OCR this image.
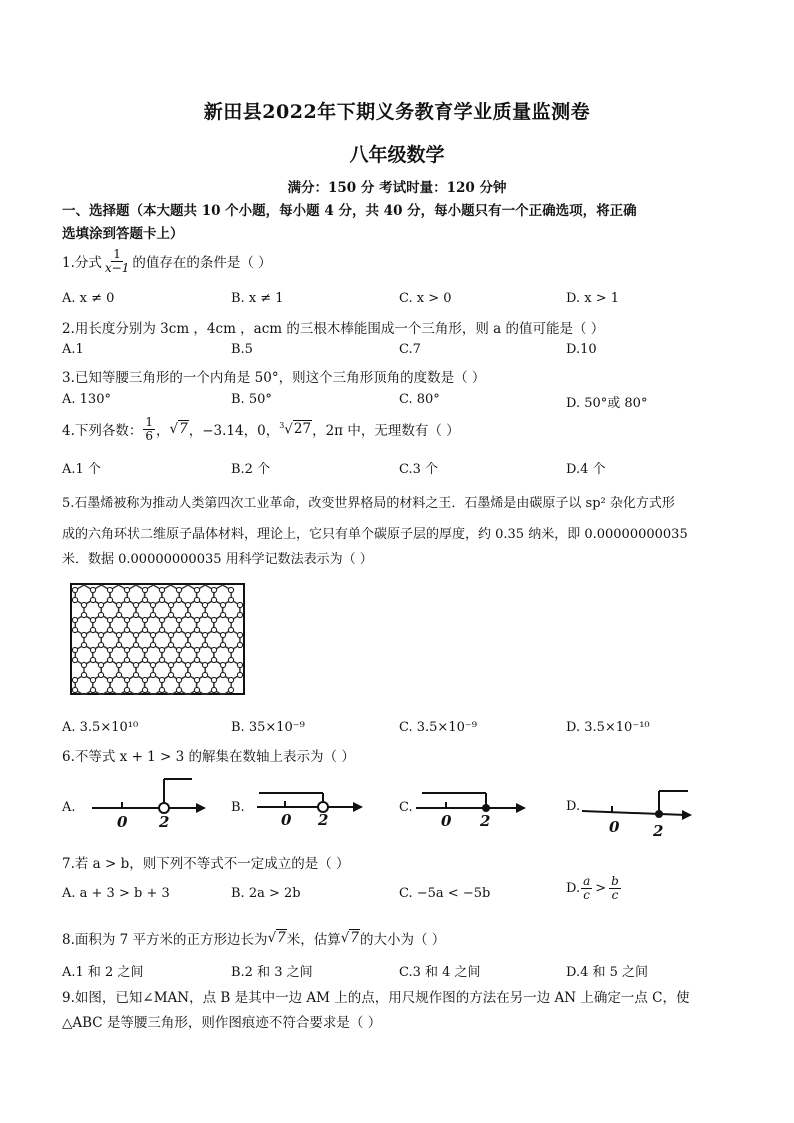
新田县2022年下期义务教育学业质量监测卷
八年级数学
满分：150 分 考试时量：120 分钟
一、选择题（本大题共 10 个小题，每小题 4 分，共 40 分，每小题只有一个正确选项，将正确
选填涂到答题卡上）
1.分式 $\frac{1}{x-1}$ 的值存在的条件是（ ）
A. x ≠ 0	B. x ≠ 1	C. x > 0	D. x > 1
2.用长度分别为 3cm ，4cm ，acm 的三根木棒能围成一个三角形，则 a 的值可能是（ ）
A.1	B.5	C.7	D.10
3.已知等腰三角形的一个内角是 50°，则这个三角形顶角的度数是（ ）
A. 130°	B. 50°	C. 80°	D. 50°或 80°
4.下列各数： $\frac{1}{6}$ ， √7 ，−3.14，0， $^3$√27 ，2π 中，无理数有（ ）
A.1 个	B.2 个	C.3 个	D.4 个
5.石墨烯被称为推动人类第四次工业革命，改变世界格局的材料之王．石墨烯是由碳原子以 sp² 杂化方式形
成的六角环状二维原子晶体材料，理论上，它只有单个碳原子层的厚度，约 0.35 纳米，即 0.00000000035
米．数据 0.00000000035 用科学记数法表示为（ ）
A. 3.5×10¹⁰	B. 35×10⁻⁹	C. 3.5×10⁻⁹	D. 3.5×10⁻¹⁰
6.不等式 x + 1 > 3 的解集在数轴上表示为（ ）
A.
0 2
B.
0 2
C.
0 2
D.
0 2
7.若 a > b，则下列不等式不一定成立的是（ ）
A. a + 3 > b + 3	B. 2a > 2b	C. −5a < −5b	D. $\frac{a}{c} > \frac{b}{c}$
8.面积为 7 平方米的正方形边长为 √7 米，估算 √7 的大小为（ ）
A.1 和 2 之间	B.2 和 3 之间	C.3 和 4 之间	D.4 和 5 之间
9.如图，已知∠MAN，点 B 是其中一边 AM 上的点，用尺规作图的方法在另一边 AN 上确定一点 C，使
△ABC 是等腰三角形，则作图痕迹不符合要求是（ ）
